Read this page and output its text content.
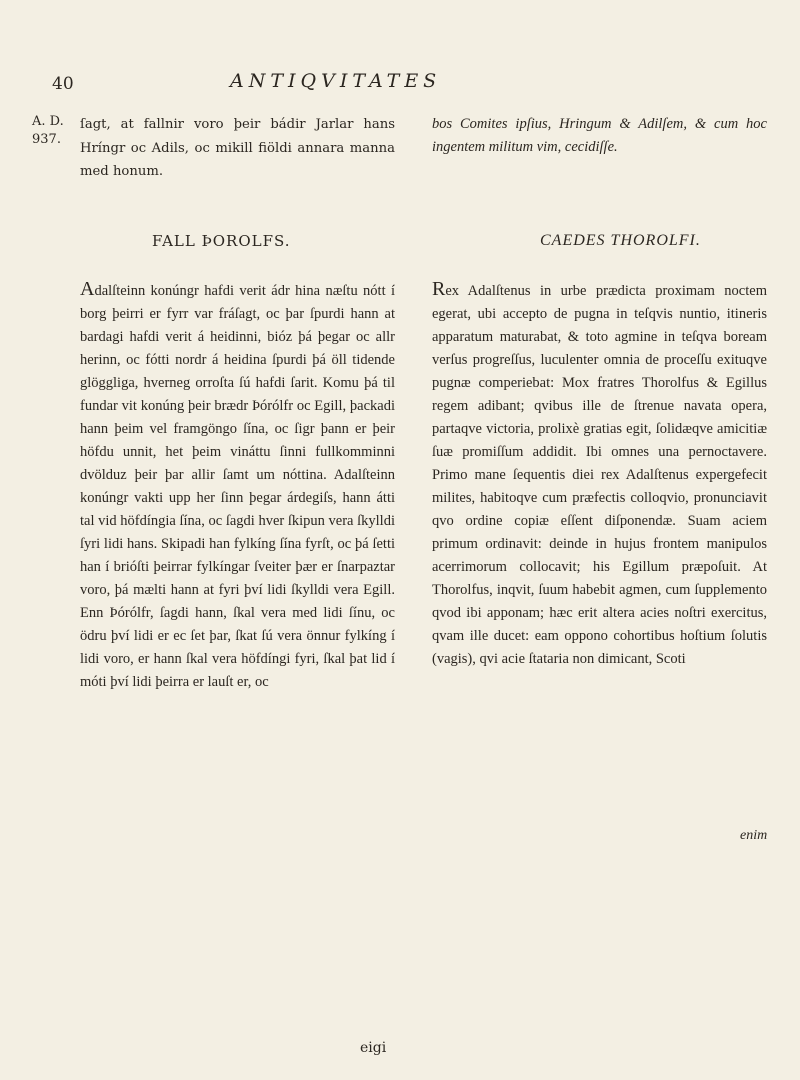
40	ANTIQVITATES
A. D. 937.

ſagt, at fallnir voro þeir bádir Jarlar hans Hríngr oc Adils, oc mikill fiöldi annara manna med honum.

bos Comites ipſius, Hringum & Adilſem, & cum hoc ingentem militum vim, cecidiſſe.

FALL ÞOROLFS.	CAEDES THOROLFI.

Adalſteinn konúngr hafdi verit ádr hina næſtu nótt í borg þeirri er fyrr var fráſagt, oc þar ſpurdi hann at bardagi hafdi verit á heidinni, bióz þá þegar oc allr herinn, oc fótti nordr á heidina ſpurdi þá öll tidende glöggliga, hverneg orroſta ſú hafdi ſarit. Komu þá til fundar vit konúng þeir brædr Þórólfr oc Egill, þackadi hann þeim vel framgöngo ſína, oc ſigr þann er þeir höfdu unnit, het þeim vináttu ſinni fullkomminni dvölduz þeir þar allir ſamt um nóttina. Adalſteinn konúngr vakti upp her ſinn þegar árdegiſs, hann átti tal vid höfdíngia ſína, oc ſagdi hver ſkipun vera ſkylldi ſyri lidi hans. Skipadi han fylkíng ſína fyrſt, oc þá ſetti han í brióſti þeirrar fylkíngar ſveiter þær er ſnarpaztar voro, þá mælti hann at fyri því lidi ſkylldi vera Egill. Enn Þórólfr, ſagdi hann, ſkal vera med lidi ſínu, oc ödru því lidi er ec ſet þar, ſkat ſú vera önnur fylkíng í lidi voro, er hann ſkal vera höfdíngi fyri, ſkal þat lid í móti því lidi þeirra er lauſt er, oc

Rex Adalſtenus in urbe prædicta proximam noctem egerat, ubi accepto de pugna in teſqvis nuntio, itineris apparatum maturabat, & toto agmine in teſqva boream verſus progreſſus, luculenter omnia de proceſſu exituqve pugnæ comperiebat: Mox fratres Thorolfus & Egillus regem adibant; qvibus ille de ſtrenue navata opera, partaqve victoria, prolixè gratias egit, ſolidæqve amicitiæ ſuæ promiſſum addidit. Ibi omnes una pernoctavere. Primo mane ſequentis diei rex Adalſtenus expergefecit milites, habitoqve cum præfectis colloqvio, pronunciavit qvo ordine copiæ eſſent diſponendæ. Suam aciem primum ordinavit: deinde in hujus frontem manipulos acerrimorum collocavit; his Egillum præpoſuit. At Thorolfus, inqvit, ſuum habebit agmen, cum ſupplemento qvod ibi apponam; hæc erit altera acies noſtri exercitus, qvam ille ducet: eam oppono cohortibus hoſtium ſolutis (vagis), qvi acie ſtataria non dimicant, Scoti

eigi
enim
